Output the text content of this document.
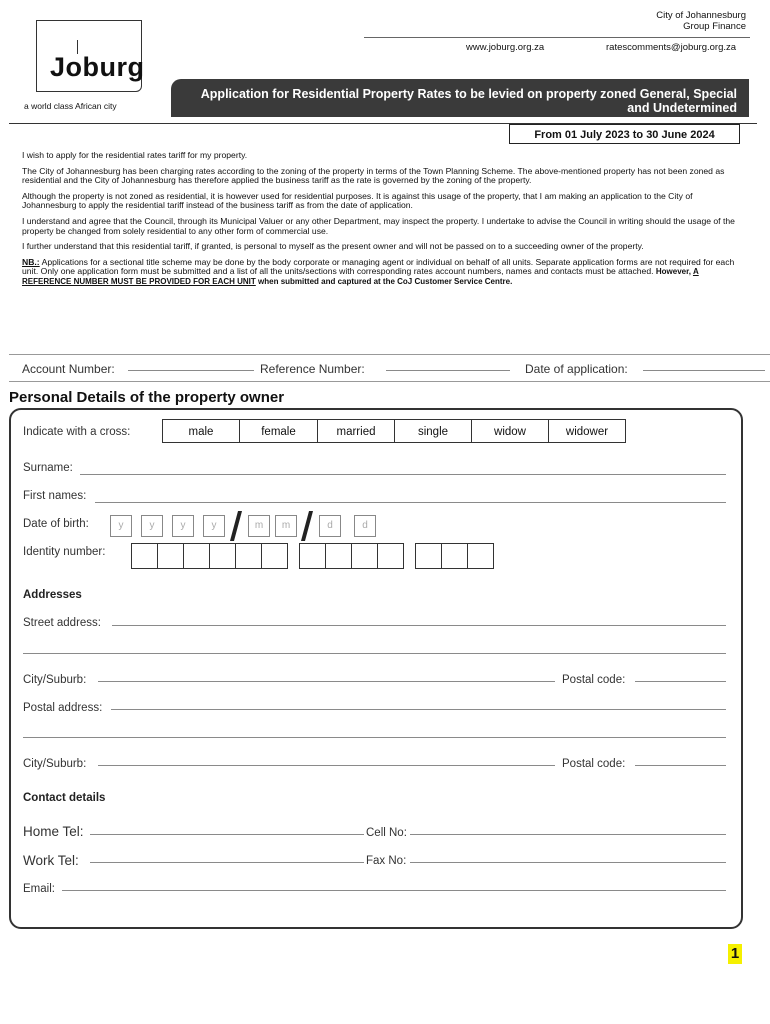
City of Johannesburg
Group Finance
www.joburg.org.za	ratescomments@joburg.org.za
Joburg
a world class African city
Application for Residential Property Rates to be levied on property zoned General, Special
and Undetermined
From 01 July 2023 to 30 June 2024

I wish to apply for the residential rates tariff for my property.

The City of Johannesburg has been charging rates according to the zoning of the property in terms of the Town Planning Scheme. The above-mentioned property has not been zoned as residential and the City of Johannesburg has therefore applied the business tariff as the rate is governed by the zoning of the property.

Although the property is not zoned as residential, it is however used for residential purposes. It is against this usage of the property, that I am making an application to the City of Johannesburg to apply the residential tariff instead of the business tariff as from the date of application.

I understand and agree that the Council, through its Municipal Valuer or any other Department, may inspect the property. I undertake to advise the Council in writing should the usage of the property be changed from solely residential to any other form of commercial use.

I further understand that this residential tariff, if granted, is personal to myself as the present owner and will not be passed on to a succeeding owner of the property.

NB.: Applications for a sectional title scheme may be done by the body corporate or managing agent or individual on behalf of all units. Separate application forms are not required for each unit. Only one application form must be submitted and a list of all the units/sections with corresponding rates account numbers, names and contacts must be attached. However, A REFERENCE NUMBER MUST BE PROVIDED FOR EACH UNIT when submitted and captured at the CoJ Customer Service Centre.

Account Number:	Reference Number:	Date of application:
Personal Details of the property owner
Indicate with a cross:	male	female	married	single	widow	widower
Surname:
First names:
Date of birth:	y	y	y	y	m	m	d	d
Identity number:
Addresses
Street address:
City/Suburb:	Postal code:
Postal address:
City/Suburb:	Postal code:
Contact details
Home Tel:	Cell No:
Work Tel:	Fax No:
Email:
1
